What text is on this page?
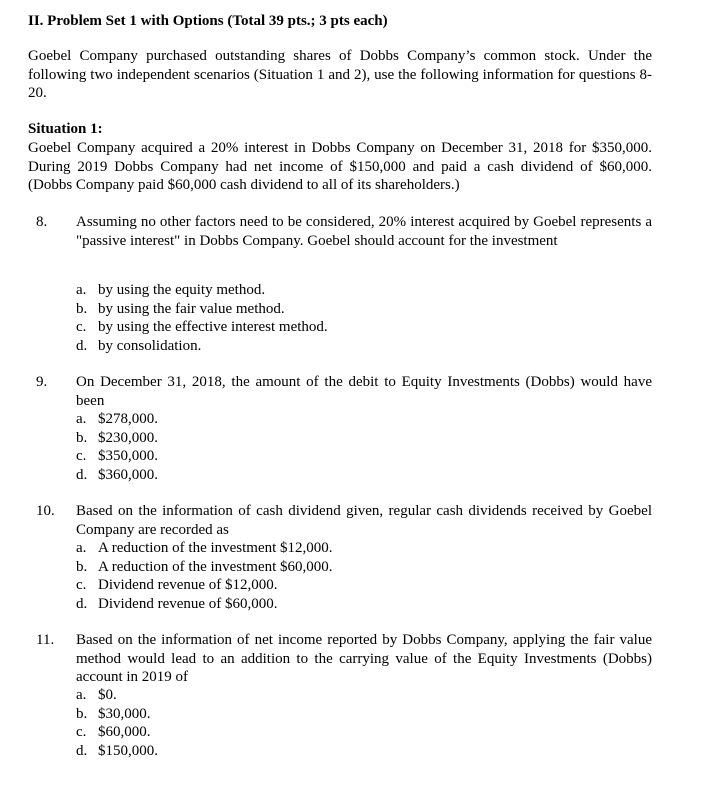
II. Problem Set 1 with Options (Total 39 pts.; 3 pts each)
Goebel Company purchased outstanding shares of Dobbs Company’s common stock. Under the following two independent scenarios (Situation 1 and 2), use the following information for questions 8-20.
Situation 1:
Goebel Company acquired a 20% interest in Dobbs Company on December 31, 2018 for $350,000. During 2019 Dobbs Company had net income of $150,000 and paid a cash dividend of $60,000. (Dobbs Company paid $60,000 cash dividend to all of its shareholders.)
8. Assuming no other factors need to be considered, 20% interest acquired by Goebel represents a "passive interest" in Dobbs Company. Goebel should account for the investment
a. by using the equity method.
b. by using the fair value method.
c. by using the effective interest method.
d. by consolidation.
9. On December 31, 2018, the amount of the debit to Equity Investments (Dobbs) would have been
a. $278,000.
b. $230,000.
c. $350,000.
d. $360,000.
10. Based on the information of cash dividend given, regular cash dividends received by Goebel Company are recorded as
a. A reduction of the investment $12,000.
b. A reduction of the investment $60,000.
c. Dividend revenue of $12,000.
d. Dividend revenue of $60,000.
11. Based on the information of net income reported by Dobbs Company, applying the fair value method would lead to an addition to the carrying value of the Equity Investments (Dobbs) account in 2019 of
a. $0.
b. $30,000.
c. $60,000.
d. $150,000.
